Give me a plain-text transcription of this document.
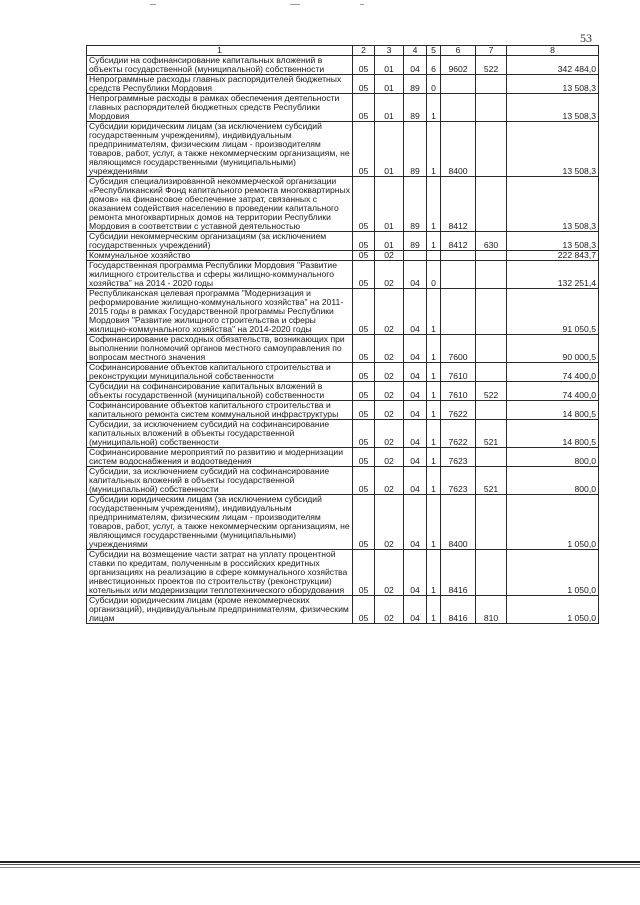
53
1	2	3	4	5	6	7	8
Субсидии на софинансирование капитальных вложений в объекты государственной (муниципальной) собственности	05	01	04	6	9602	522	342 484,0
Непрограммные расходы главных распорядителей бюджетных средств Республики Мордовия	05	01	89	0			13 508,3
Непрограммные расходы в рамках обеспечения деятельности главных распорядителей бюджетных средств Республики Мордовия	05	01	89	1			13 508,3
Субсидии юридическим лицам (за исключением субсидий государственным учреждениям), индивидуальным предпринимателям, физическим лицам - производителям товаров, работ, услуг, а также некоммерческим организациям, не являющимся государственными (муниципальными) учреждениями	05	01	89	1	8400		13 508,3
Субсидия специализированной некоммерческой организации «Республиканский Фонд капитального ремонта многоквартирных домов» на финансовое обеспечение затрат, связанных с оказанием содействия населению в проведении капитального ремонта многоквартирных домов на территории Республики Мордовия в соответствии с уставной деятельностью	05	01	89	1	8412		13 508,3
Субсидии некоммерческим организациям (за исключением государственных учреждений)	05	01	89	1	8412	630	13 508,3
Коммунальное хозяйство	05	02					222 843,7
Государственная программа Республики Мордовия "Развитие жилищного строительства и сферы жилищно-коммунального хозяйства" на 2014 - 2020 годы	05	02	04	0			132 251,4
Республиканская целевая программа "Модернизация и реформирование жилищно-коммунального хозяйства" на 2011-2015 годы в рамках Государственной программы Республики Мордовия "Развитие жилищного строительства и сферы жилищно-коммунального хозяйства" на 2014-2020 годы	05	02	04	1			91 050,5
Софинансирование расходных обязательств, возникающих при выполнении полномочий органов местного самоуправления по вопросам местного значения	05	02	04	1	7600		90 000,5
Софинансирование объектов капитального строительства и реконструкции муниципальной собственности	05	02	04	1	7610		74 400,0
Субсидии на софинансирование капитальных вложений в объекты государственной (муниципальной) собственности	05	02	04	1	7610	522	74 400,0
Софинансирование объектов капитального строительства и капитального ремонта систем коммунальной инфраструктуры	05	02	04	1	7622		14 800,5
Субсидии, за исключением субсидий на софинансирование капитальных вложений в объекты государственной (муниципальной) собственности	05	02	04	1	7622	521	14 800,5
Софинансирование мероприятий по развитию и модернизации систем водоснабжения и водоотведения	05	02	04	1	7623		800,0
Субсидии, за исключением субсидий на софинансирование капитальных вложений в объекты государственной (муниципальной) собственности	05	02	04	1	7623	521	800,0
Субсидии юридическим лицам (за исключением субсидий государственным учреждениям), индивидуальным предпринимателям, физическим лицам - производителям товаров, работ, услуг, а также некоммерческим организациям, не являющимся государственными (муниципальными) учреждениями	05	02	04	1	8400		1 050,0
Субсидии на возмещение части затрат на уплату процентной ставки по кредитам, полученным в российских кредитных организациях на реализацию в сфере коммунального хозяйства инвестиционных проектов по строительству (реконструкции) котельных или модернизации теплотехнического оборудования	05	02	04	1	8416		1 050,0
Субсидии юридическим лицам (кроме некоммерческих организаций), индивидуальным предпринимателям, физическим лицам	05	02	04	1	8416	810	1 050,0
